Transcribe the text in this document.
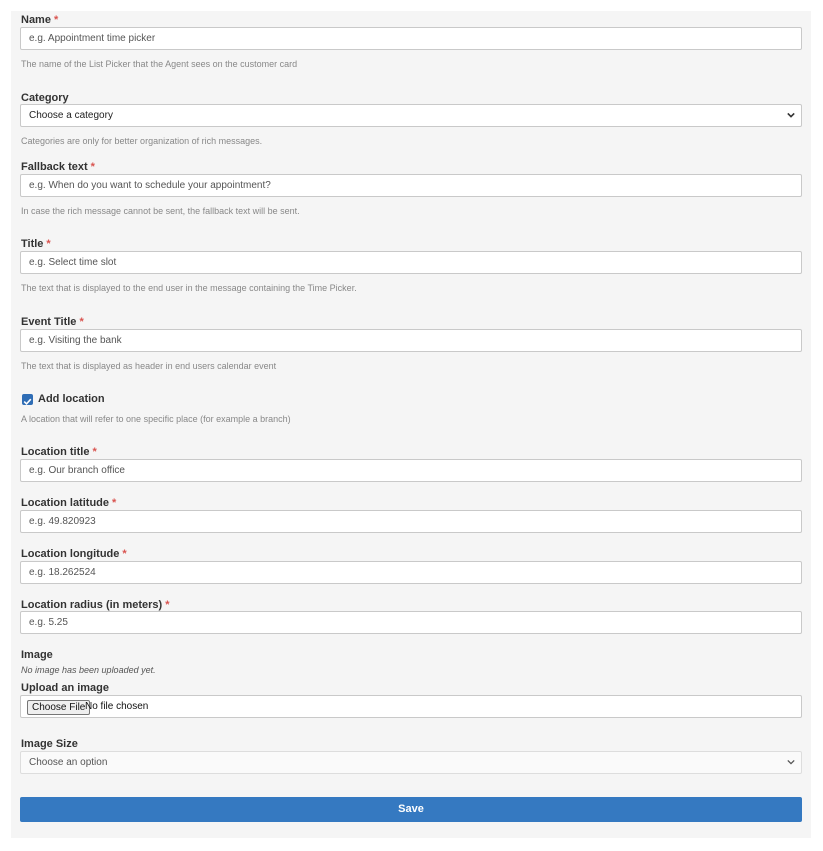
Name *
e.g. Appointment time picker
The name of the List Picker that the Agent sees on the customer card
Category
Choose a category
Categories are only for better organization of rich messages.
Fallback text *
e.g. When do you want to schedule your appointment?
In case the rich message cannot be sent, the fallback text will be sent.
Title *
e.g. Select time slot
The text that is displayed to the end user in the message containing the Time Picker.
Event Title *
e.g. Visiting the bank
The text that is displayed as header in end users calendar event
Add location
A location that will refer to one specific place (for example a branch)
Location title *
e.g. Our branch office
Location latitude *
e.g. 49.820923
Location longitude *
e.g. 18.262524
Location radius (in meters) *
e.g. 5.25
Image
No image has been uploaded yet.
Upload an image
Choose File No file chosen
Image Size
Choose an option
Save
